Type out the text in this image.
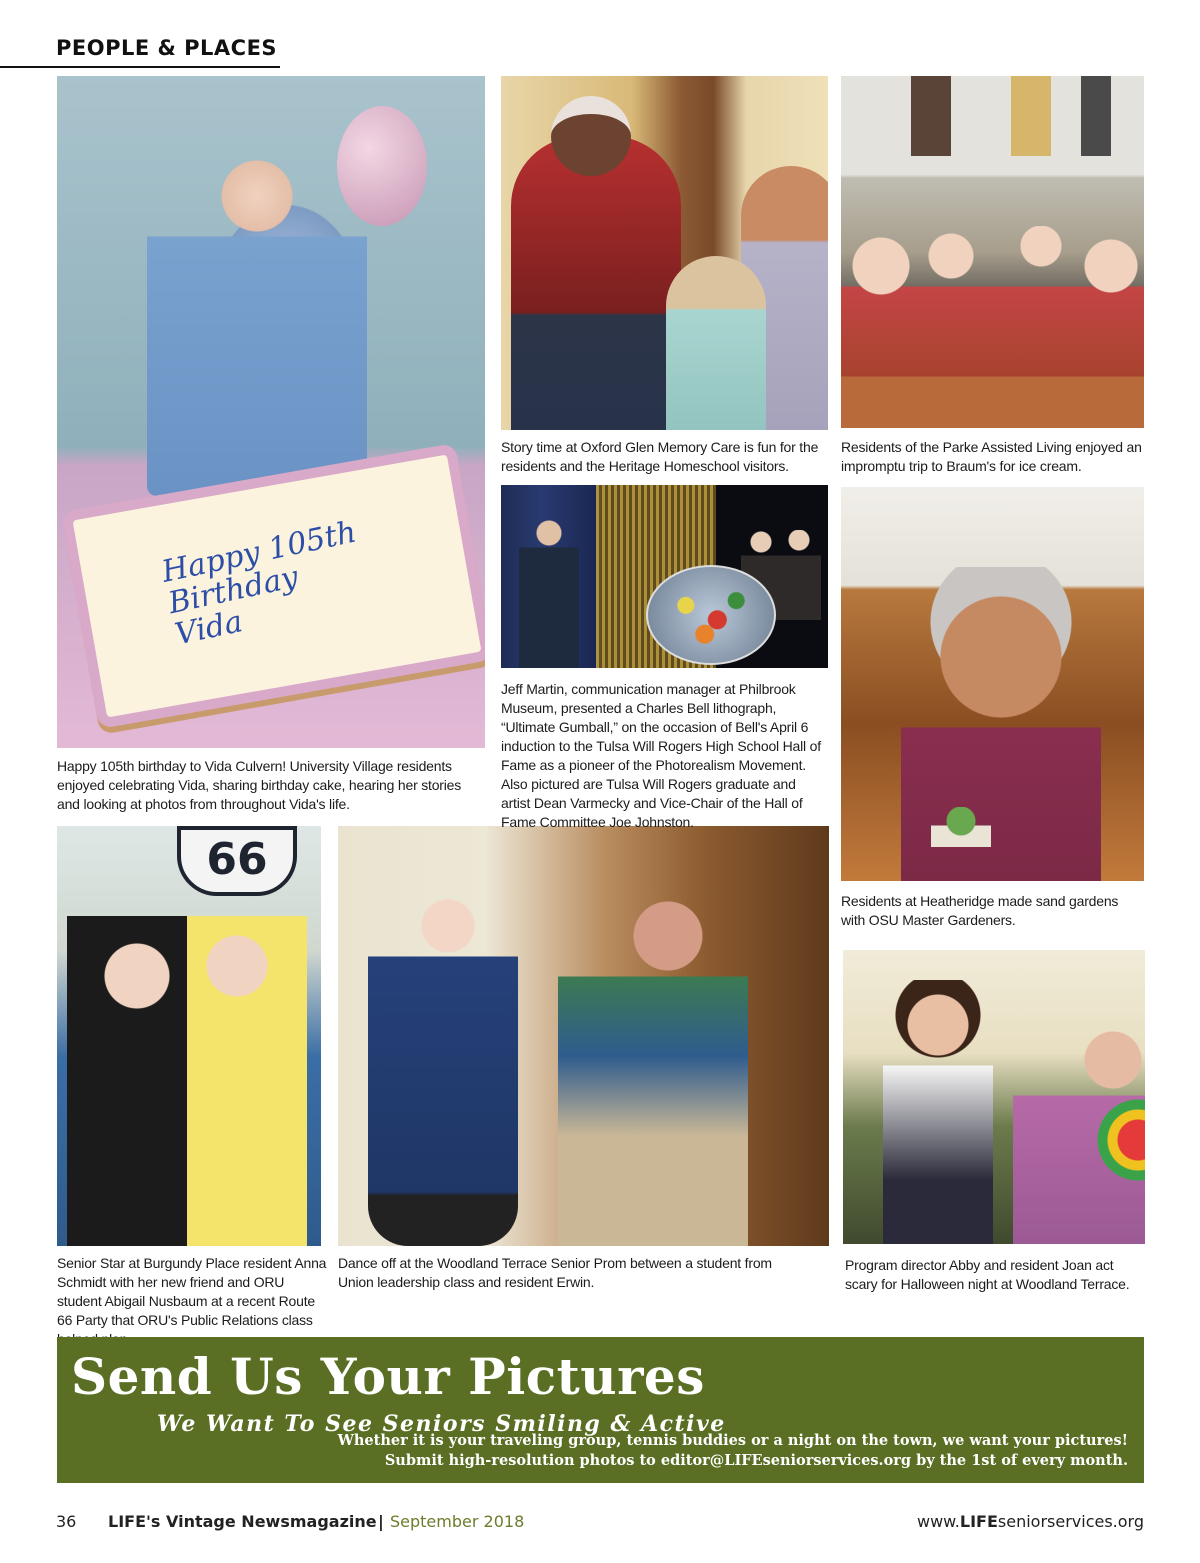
PEOPLE & PLACES
Happy 105th
Birthday
Vida
66
Happy 105th birthday to Vida Culvern! University Village residents enjoyed celebrating Vida, sharing birthday cake, hearing her stories and looking at photos from throughout Vida's life.
Story time at Oxford Glen Memory Care is fun for the residents and the Heritage Homeschool visitors.
Residents of the Parke Assisted Living enjoyed an impromptu trip to Braum's for ice cream.
Jeff Martin, communication manager at Philbrook Museum, presented a Charles Bell lithograph, “Ultimate Gumball,” on the occasion of Bell's April 6 induction to the Tulsa Will Rogers High School Hall of Fame as a pioneer of the Photorealism Movement. Also pictured are Tulsa Will Rogers graduate and artist Dean Varmecky and Vice-Chair of the Hall of Fame Committee Joe Johnston.
Residents at Heatheridge made sand gardens with OSU Master Gardeners.
Senior Star at Burgundy Place resident Anna Schmidt with her new friend and ORU student Abigail Nusbaum at a recent Route 66 Party that ORU's Public Relations class
Dance off at the Woodland Terrace Senior Prom between a student from Union leadership class and resident Erwin.
Program director Abby and resident Joan act scary for Halloween night at Woodland Terrace.
Send Us Your Pictures
We Want To See Seniors Smiling & Active
Whether it is your traveling group, tennis buddies or a night on the town, we want your pictures!
Submit high-resolution photos to editor@LIFEseniorservices.org by the 1st of every month.
36 LIFE's Vintage Newsmagazine | September 2018	www.LIFEseniorservices.org
